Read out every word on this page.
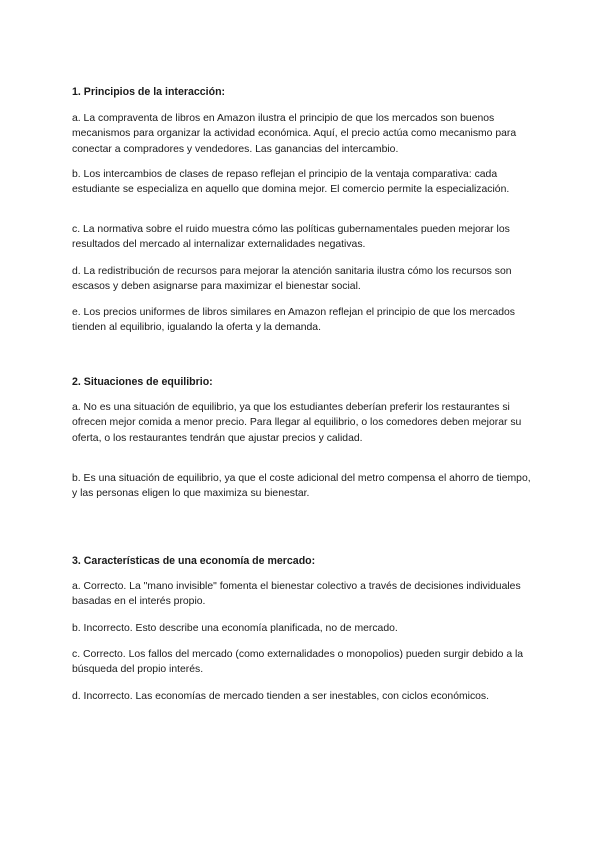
1. Principios de la interacción:

a. La compraventa de libros en Amazon ilustra el principio de que los mercados son buenos mecanismos para organizar la actividad económica. Aquí, el precio actúa como mecanismo para conectar a compradores y vendedores. Las ganancias del intercambio.

b. Los intercambios de clases de repaso reflejan el principio de la ventaja comparativa: cada estudiante se especializa en aquello que domina mejor. El comercio permite la especialización.

c. La normativa sobre el ruido muestra cómo las políticas gubernamentales pueden mejorar los resultados del mercado al internalizar externalidades negativas.

d. La redistribución de recursos para mejorar la atención sanitaria ilustra cómo los recursos son escasos y deben asignarse para maximizar el bienestar social.

e. Los precios uniformes de libros similares en Amazon reflejan el principio de que los mercados tienden al equilibrio, igualando la oferta y la demanda.

2. Situaciones de equilibrio:

a. No es una situación de equilibrio, ya que los estudiantes deberían preferir los restaurantes si ofrecen mejor comida a menor precio. Para llegar al equilibrio, o los comedores deben mejorar su oferta, o los restaurantes tendrán que ajustar precios y calidad.

b. Es una situación de equilibrio, ya que el coste adicional del metro compensa el ahorro de tiempo, y las personas eligen lo que maximiza su bienestar.

3. Características de una economía de mercado:

a. Correcto. La "mano invisible" fomenta el bienestar colectivo a través de decisiones individuales basadas en el interés propio.

b. Incorrecto. Esto describe una economía planificada, no de mercado.

c. Correcto. Los fallos del mercado (como externalidades o monopolios) pueden surgir debido a la búsqueda del propio interés.

d. Incorrecto. Las economías de mercado tienden a ser inestables, con ciclos económicos.
